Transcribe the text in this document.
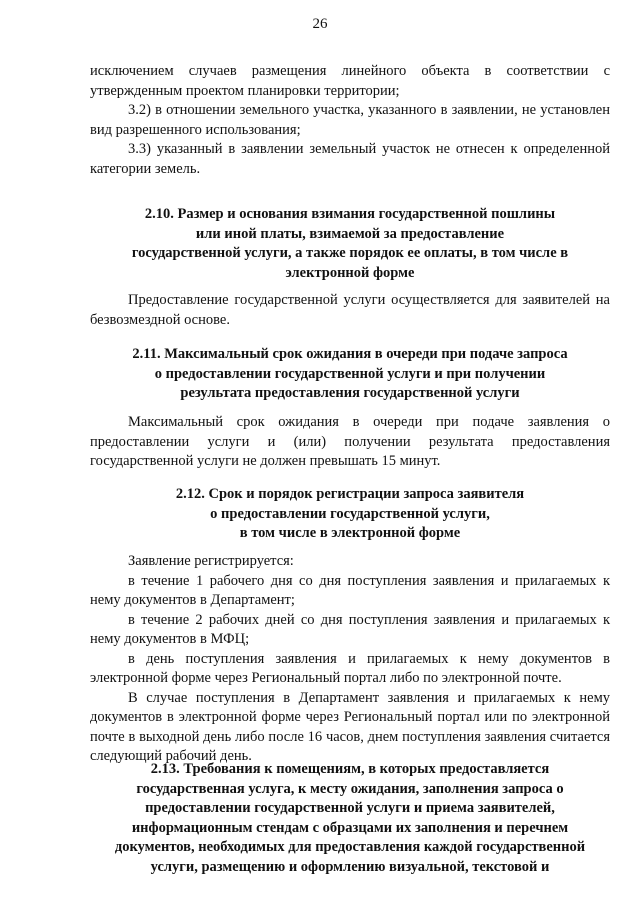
26

исключением случаев размещения линейного объекта в соответствии с утвержденным проектом планировки территории;

3.2) в отношении земельного участка, указанного в заявлении, не установлен вид разрешенного использования;

3.3) указанный в заявлении земельный участок не отнесен к определенной категории земель.

2.10. Размер и основания взимания государственной пошлины
или иной платы, взимаемой за предоставление
государственной услуги, а также порядок ее оплаты, в том числе в
электронной форме

Предоставление государственной услуги осуществляется для заявителей на безвозмездной основе.

2.11. Максимальный срок ожидания в очереди при подаче запроса
о предоставлении государственной услуги и при получении
результата предоставления государственной услуги

Максимальный срок ожидания в очереди при подаче заявления о предоставлении услуги и (или) получении результата предоставления государственной услуги не должен превышать 15 минут.

2.12. Срок и порядок регистрации запроса заявителя
о предоставлении государственной услуги,
в том числе в электронной форме

Заявление регистрируется:

в течение 1 рабочего дня со дня поступления заявления и прилагаемых к нему документов в Департамент;

в течение 2 рабочих дней со дня поступления заявления и прилагаемых к нему документов в МФЦ;

в день поступления заявления и прилагаемых к нему документов в электронной форме через Региональный портал либо по электронной почте.

В случае поступления в Департамент заявления и прилагаемых к нему документов в электронной форме через Региональный портал или по электронной почте в выходной день либо после 16 часов, днем поступления заявления считается следующий рабочий день.

2.13. Требования к помещениям, в которых предоставляется
государственная услуга, к месту ожидания, заполнения запроса о
предоставлении государственной услуги и приема заявителей,
информационным стендам с образцами их заполнения и перечнем
документов, необходимых для предоставления каждой государственной
услуги, размещению и оформлению визуальной, текстовой и
